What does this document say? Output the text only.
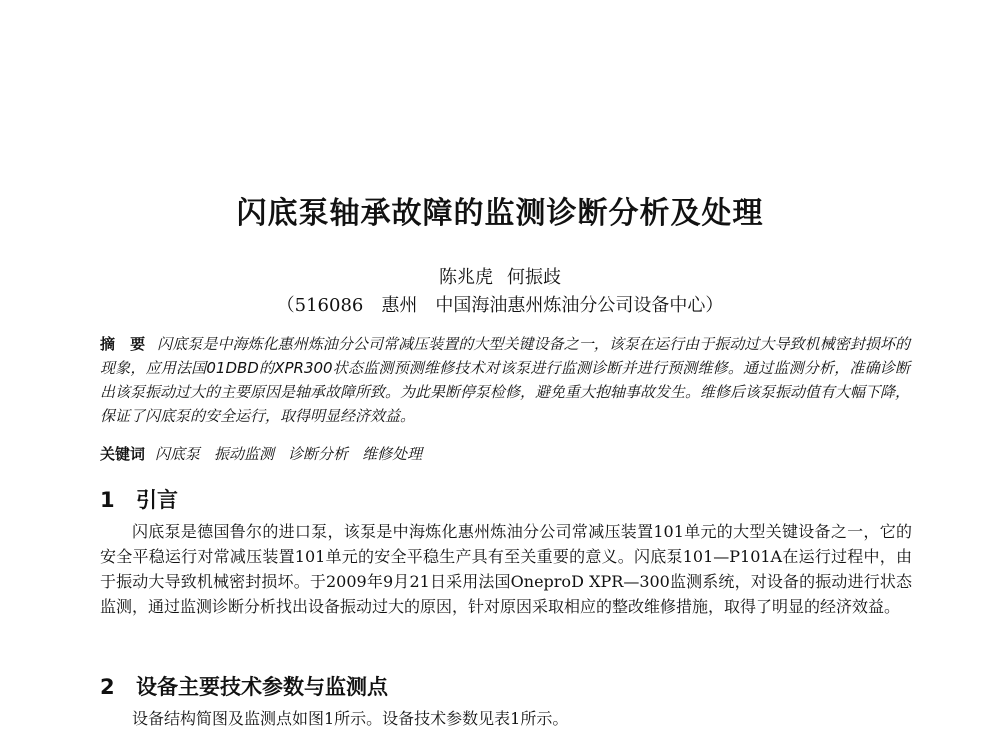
闪底泵轴承故障的监测诊断分析及处理
陈兆虎 何振歧
（516086 惠州 中国海油惠州炼油分公司设备中心）
摘　要 闪底泵是中海炼化惠州炼油分公司常减压装置的大型关键设备之一，该泵在运行由于振动过大导致机械密封损坏的现象，应用法国01DBD的XPR300状态监测预测维修技术对该泵进行监测诊断并进行预测维修。通过监测分析，准确诊断出该泵振动过大的主要原因是轴承故障所致。为此果断停泵检修，避免重大抱轴事故发生。维修后该泵振动值有大幅下降，保证了闪底泵的安全运行，取得明显经济效益。
关键词 闪底泵 振动监测 诊断分析 维修处理
1 引言
闪底泵是德国鲁尔的进口泵，该泵是中海炼化惠州炼油分公司常减压装置101单元的大型关键设备之一，它的安全平稳运行对常减压装置101单元的安全平稳生产具有至关重要的意义。闪底泵101—P101A在运行过程中，由于振动大导致机械密封损坏。于2009年9月21日采用法国OneproD XPR—300监测系统，对设备的振动进行状态监测，通过监测诊断分析找出设备振动过大的原因，针对原因采取相应的整改维修措施，取得了明显的经济效益。
2 设备主要技术参数与监测点
设备结构简图及监测点如图1所示。设备技术参数见表1所示。
